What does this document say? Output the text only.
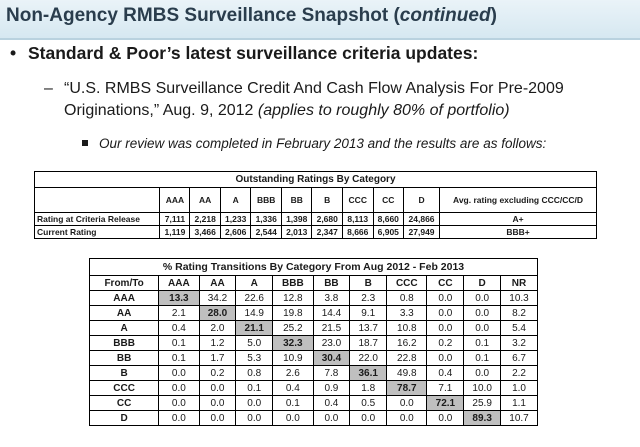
Non-Agency RMBS Surveillance Snapshot (continued)
• Standard & Poor’s latest surveillance criteria updates:
– “U.S. RMBS Surveillance Credit And Cash Flow Analysis For Pre-2009 Originations,” Aug. 9, 2012 (applies to roughly 80% of portfolio)
Our review was completed in February 2013 and the results are as follows:
Outstanding Ratings By Category										
	AAA	AA	A	BBB	BB	B	CCC	CC	D	Avg. rating excluding CCC/CC/D
Rating at Criteria Release	7,111	2,218	1,233	1,336	1,398	2,680	8,113	8,660	24,866	A+
Current Rating	1,119	3,466	2,606	2,544	2,013	2,347	8,666	6,905	27,949	BBB+
% Rating Transitions By Category From Aug 2012 - Feb 2013										
From/To	AAA	AA	A	BBB	BB	B	CCC	CC	D	NR
AAA	13.3	34.2	22.6	12.8	3.8	2.3	0.8	0.0	0.0	10.3
AA	2.1	28.0	14.9	19.8	14.4	9.1	3.3	0.0	0.0	8.2
A	0.4	2.0	21.1	25.2	21.5	13.7	10.8	0.0	0.0	5.4
BBB	0.1	1.2	5.0	32.3	23.0	18.7	16.2	0.2	0.1	3.2
BB	0.1	1.7	5.3	10.9	30.4	22.0	22.8	0.0	0.1	6.7
B	0.0	0.2	0.8	2.6	7.8	36.1	49.8	0.4	0.0	2.2
CCC	0.0	0.0	0.1	0.4	0.9	1.8	78.7	7.1	10.0	1.0
CC	0.0	0.0	0.0	0.1	0.4	0.5	0.0	72.1	25.9	1.1
D	0.0	0.0	0.0	0.0	0.0	0.0	0.0	0.0	89.3	10.7
